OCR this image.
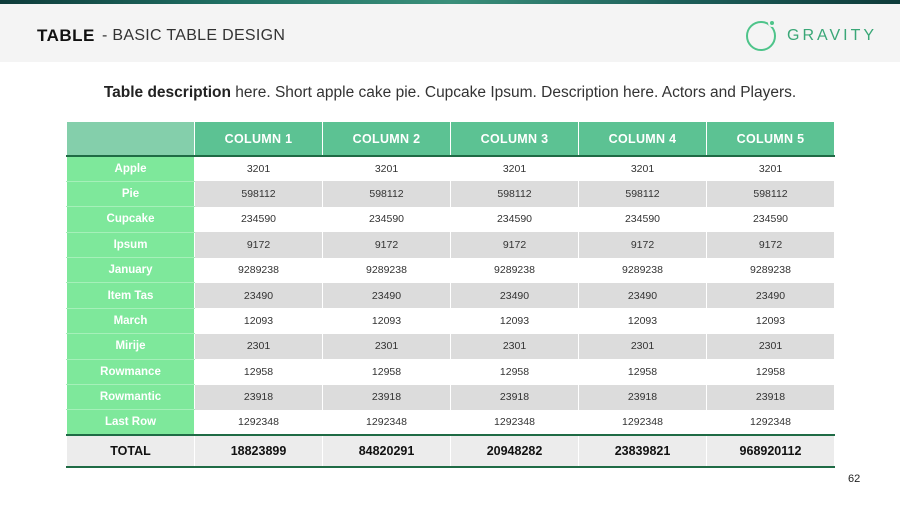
TABLE - BASIC TABLE DESIGN	GRAVITY
Table description here. Short apple cake pie. Cupcake Ipsum. Description here. Actors and Players.
	COLUMN 1	COLUMN 2	COLUMN 3	COLUMN 4	COLUMN 5
Apple	3201	3201	3201	3201	3201
Pie	598112	598112	598112	598112	598112
Cupcake	234590	234590	234590	234590	234590
Ipsum	9172	9172	9172	9172	9172
January	9289238	9289238	9289238	9289238	9289238
Item Tas	23490	23490	23490	23490	23490
March	12093	12093	12093	12093	12093
Mirije	2301	2301	2301	2301	2301
Rowmance	12958	12958	12958	12958	12958
Rowmantic	23918	23918	23918	23918	23918
Last Row	1292348	1292348	1292348	1292348	1292348
TOTAL	18823899	84820291	20948282	23839821	968920112
62
